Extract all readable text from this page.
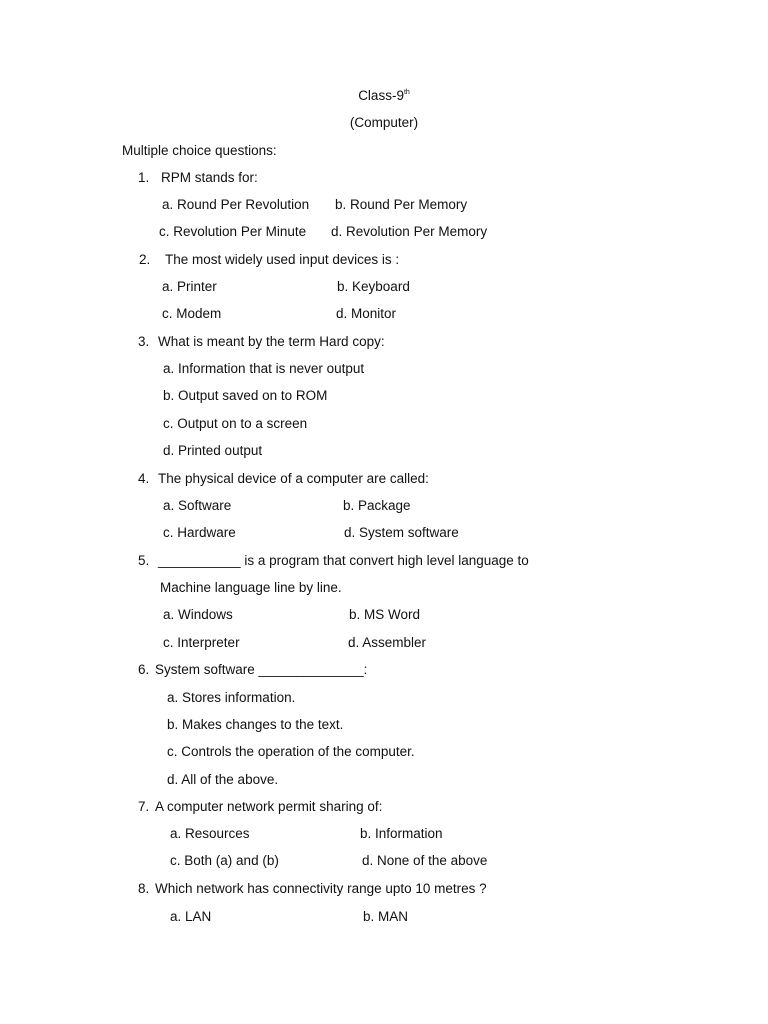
Class-9th
(Computer)
Multiple choice questions:
1. RPM stands for:
a. Round Per Revolution b. Round Per Memory
c. Revolution Per Minute d. Revolution Per Memory
2. The most widely used input devices is :
a. Printer	b. Keyboard
c. Modem	d. Monitor
3. What is meant by the term Hard copy:
a. Information that is never output
b. Output saved on to ROM
c. Output on to a screen
d. Printed output
4. The physical device of a computer are called:
a. Software	b. Package
c. Hardware	d. System software
5. ___________ is a program that convert high level language to
Machine language line by line.
a. Windows	b. MS Word
c. Interpreter	d. Assembler
6. System software ______________:
a. Stores information.
b. Makes changes to the text.
c. Controls the operation of the computer.
d. All of the above.
7. A computer network permit sharing of:
a. Resources	b. Information
c. Both (a) and (b)	d. None of the above
8. Which network has connectivity range upto 10 metres ?
a. LAN	b. MAN
